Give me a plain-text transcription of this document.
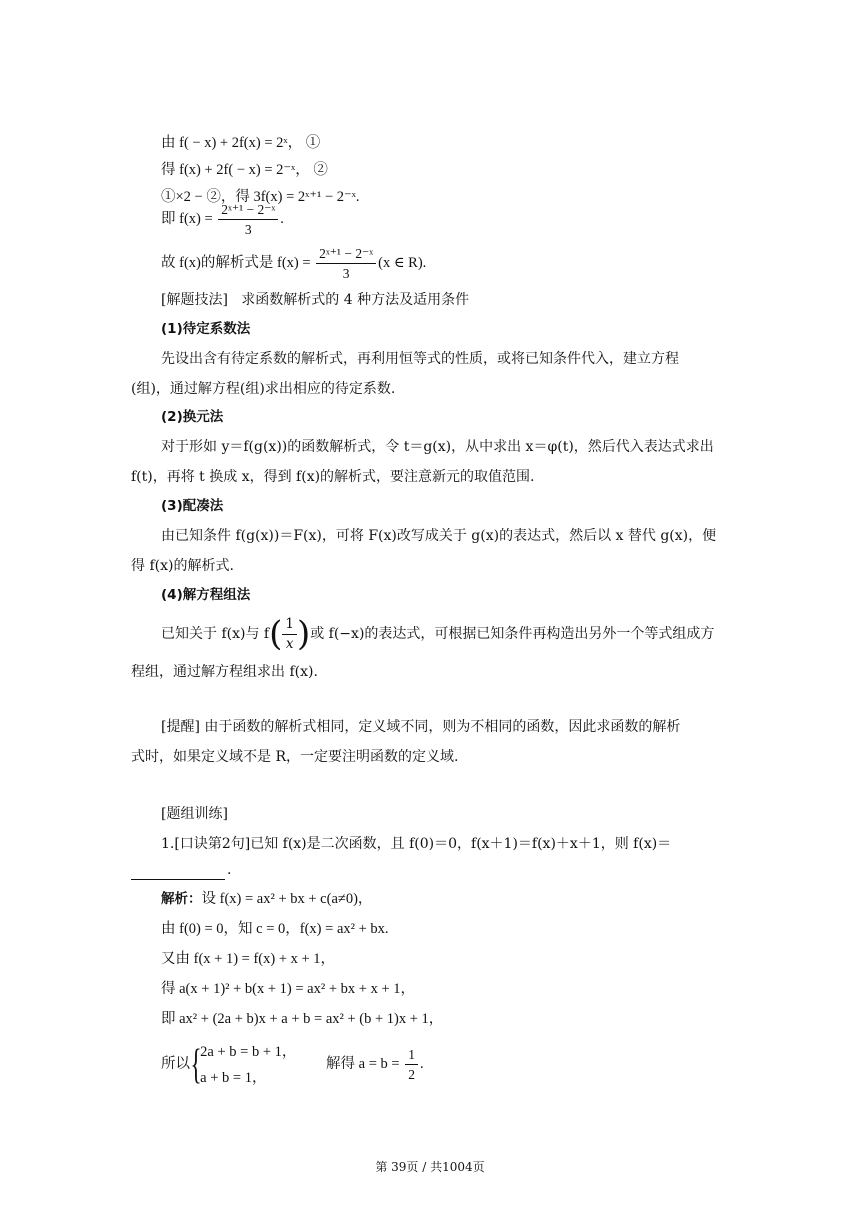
由 f( − x) + 2f(x) = 2ˣ， ①
得 f(x) + 2f( − x) = 2⁻ˣ， ②
①×2 − ②，得 3f(x) = 2ˣ⁺¹ − 2⁻ˣ.
即 $f(x) = \frac{\text{2ˣ⁺¹ − 2⁻ˣ}}{3}$ .
故 f(x)的解析式是 $f(x) = \frac{\text{2ˣ⁺¹ − 2⁻ˣ}}{3} (x$ ∈ R).
[解题技法] 求函数解析式的 4 种方法及适用条件
(1)待定系数法
先设出含有待定系数的解析式，再利用恒等式的性质，或将已知条件代入，建立方程
(组)，通过解方程(组)求出相应的待定系数.
(2)换元法
对于形如 y＝f(g(x))的函数解析式，令 t＝g(x)，从中求出 x＝φ(t)，然后代入表达式求出
f(t)，再将 t 换成 x，得到 f(x)的解析式，要注意新元的取值范围.
(3)配凑法
由已知条件 f(g(x))＝F(x)，可将 F(x)改写成关于 g(x)的表达式，然后以 x 替代 g(x)，便
得 f(x)的解析式.
(4)解方程组法
已知关于 f(x)与 $f( \frac{1}{x}$ )或 f(−x)的表达式，可根据已知条件再构造出另外一个等式组成方
程组，通过解方程组求出 f(x).
[提醒] 由于函数的解析式相同，定义域不同，则为不相同的函数，因此求函数的解析
式时，如果定义域不是 R，一定要注明函数的定义域.
[题组训练]
1.[口诀第2句]已知 f(x)是二次函数，且 f(0)＝0，f(x＋1)＝f(x)＋x＋1，则 f(x)＝
.
解析：设 f(x) = ax² + bx + c(a≠0)，
由 f(0) = 0，知 c = 0，f(x) = ax² + bx.
又由 f(x + 1) = f(x) + x + 1，
得 a(x + 1)² + b(x + 1) = ax² + bx + x + 1，
即 ax² + (2a + b)x + a + b = ax² + (b + 1)x + 1，
所以{
2a + b = b + 1，
a + b = 1，
解得 $a = b = \frac{1}{2}$ .
第 39页 / 共1004页
